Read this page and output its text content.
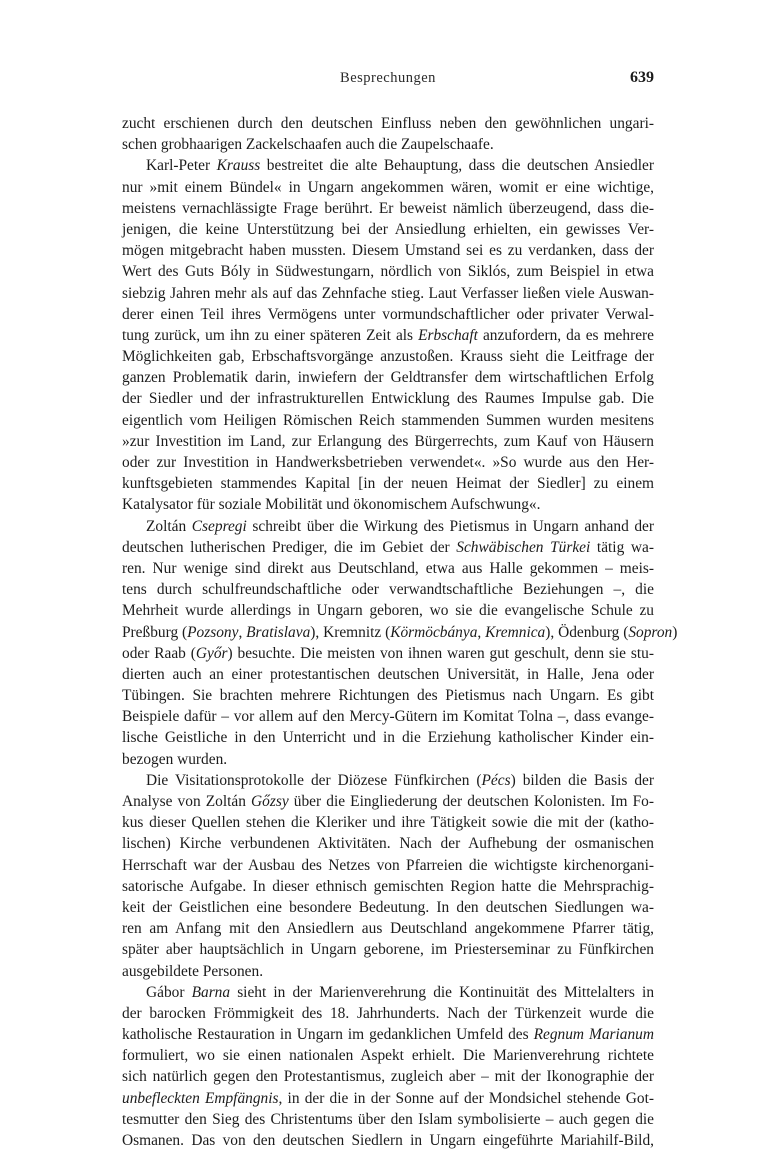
Besprechungen	639
zucht erschienen durch den deutschen Einfluss neben den gewöhnlichen ungari-
schen grobhaarigen Zackelschaafen auch die Zaupelschaafe.
Karl-Peter Krauss bestreitet die alte Behauptung, dass die deutschen Ansiedler
nur »mit einem Bündel« in Ungarn angekommen wären, womit er eine wichtige,
meistens vernachlässigte Frage berührt. Er beweist nämlich überzeugend, dass die-
jenigen, die keine Unterstützung bei der Ansiedlung erhielten, ein gewisses Ver-
mögen mitgebracht haben mussten. Diesem Umstand sei es zu verdanken, dass der
Wert des Guts Bóly in Südwestungarn, nördlich von Siklós, zum Beispiel in etwa
siebzig Jahren mehr als auf das Zehnfache stieg. Laut Verfasser ließen viele Auswan-
derer einen Teil ihres Vermögens unter vormundschaftlicher oder privater Verwal-
tung zurück, um ihn zu einer späteren Zeit als Erbschaft anzufordern, da es mehrere
Möglichkeiten gab, Erbschaftsvorgänge anzustoßen. Krauss sieht die Leitfrage der
ganzen Problematik darin, inwiefern der Geldtransfer dem wirtschaftlichen Erfolg
der Siedler und der infrastrukturellen Entwicklung des Raumes Impulse gab. Die
eigentlich vom Heiligen Römischen Reich stammenden Summen wurden mesitens
»zur Investition im Land, zur Erlangung des Bürgerrechts, zum Kauf von Häusern
oder zur Investition in Handwerksbetrieben verwendet«. »So wurde aus den Her-
kunftsgebieten stammendes Kapital [in der neuen Heimat der Siedler] zu einem
Katalysator für soziale Mobilität und ökonomischem Aufschwung«.
Zoltán Csepregi schreibt über die Wirkung des Pietismus in Ungarn anhand der
deutschen lutherischen Prediger, die im Gebiet der Schwäbischen Türkei tätig wa-
ren. Nur wenige sind direkt aus Deutschland, etwa aus Halle gekommen – meis-
tens durch schulfreundschaftliche oder verwandtschaftliche Beziehungen –, die
Mehrheit wurde allerdings in Ungarn geboren, wo sie die evangelische Schule zu
Preßburg (Pozsony, Bratislava), Kremnitz (Körmöcbánya, Kremnica), Ödenburg (Sopron)
oder Raab (Győr) besuchte. Die meisten von ihnen waren gut geschult, denn sie stu-
dierten auch an einer protestantischen deutschen Universität, in Halle, Jena oder
Tübingen. Sie brachten mehrere Richtungen des Pietismus nach Ungarn. Es gibt
Beispiele dafür – vor allem auf den Mercy-Gütern im Komitat Tolna –, dass evange-
lische Geistliche in den Unterricht und in die Erziehung katholischer Kinder ein-
bezogen wurden.
Die Visitationsprotokolle der Diözese Fünfkirchen (Pécs) bilden die Basis der
Analyse von Zoltán Gőzsy über die Eingliederung der deutschen Kolonisten. Im Fo-
kus dieser Quellen stehen die Kleriker und ihre Tätigkeit sowie die mit der (katho-
lischen) Kirche verbundenen Aktivitäten. Nach der Aufhebung der osmanischen
Herrschaft war der Ausbau des Netzes von Pfarreien die wichtigste kirchenorgani-
satorische Aufgabe. In dieser ethnisch gemischten Region hatte die Mehrsprachig-
keit der Geistlichen eine besondere Bedeutung. In den deutschen Siedlungen wa-
ren am Anfang mit den Ansiedlern aus Deutschland angekommene Pfarrer tätig,
später aber hauptsächlich in Ungarn geborene, im Priesterseminar zu Fünfkirchen
ausgebildete Personen.
Gábor Barna sieht in der Marienverehrung die Kontinuität des Mittelalters in
der barocken Frömmigkeit des 18. Jahrhunderts. Nach der Türkenzeit wurde die
katholische Restauration in Ungarn im gedanklichen Umfeld des Regnum Marianum
formuliert, wo sie einen nationalen Aspekt erhielt. Die Marienverehrung richtete
sich natürlich gegen den Protestantismus, zugleich aber – mit der Ikonographie der
unbefleckten Empfängnis, in der die in der Sonne auf der Mondsichel stehende Got-
tesmutter den Sieg des Christentums über den Islam symbolisierte – auch gegen die
Osmanen. Das von den deutschen Siedlern in Ungarn eingeführte Mariahilf-Bild,
